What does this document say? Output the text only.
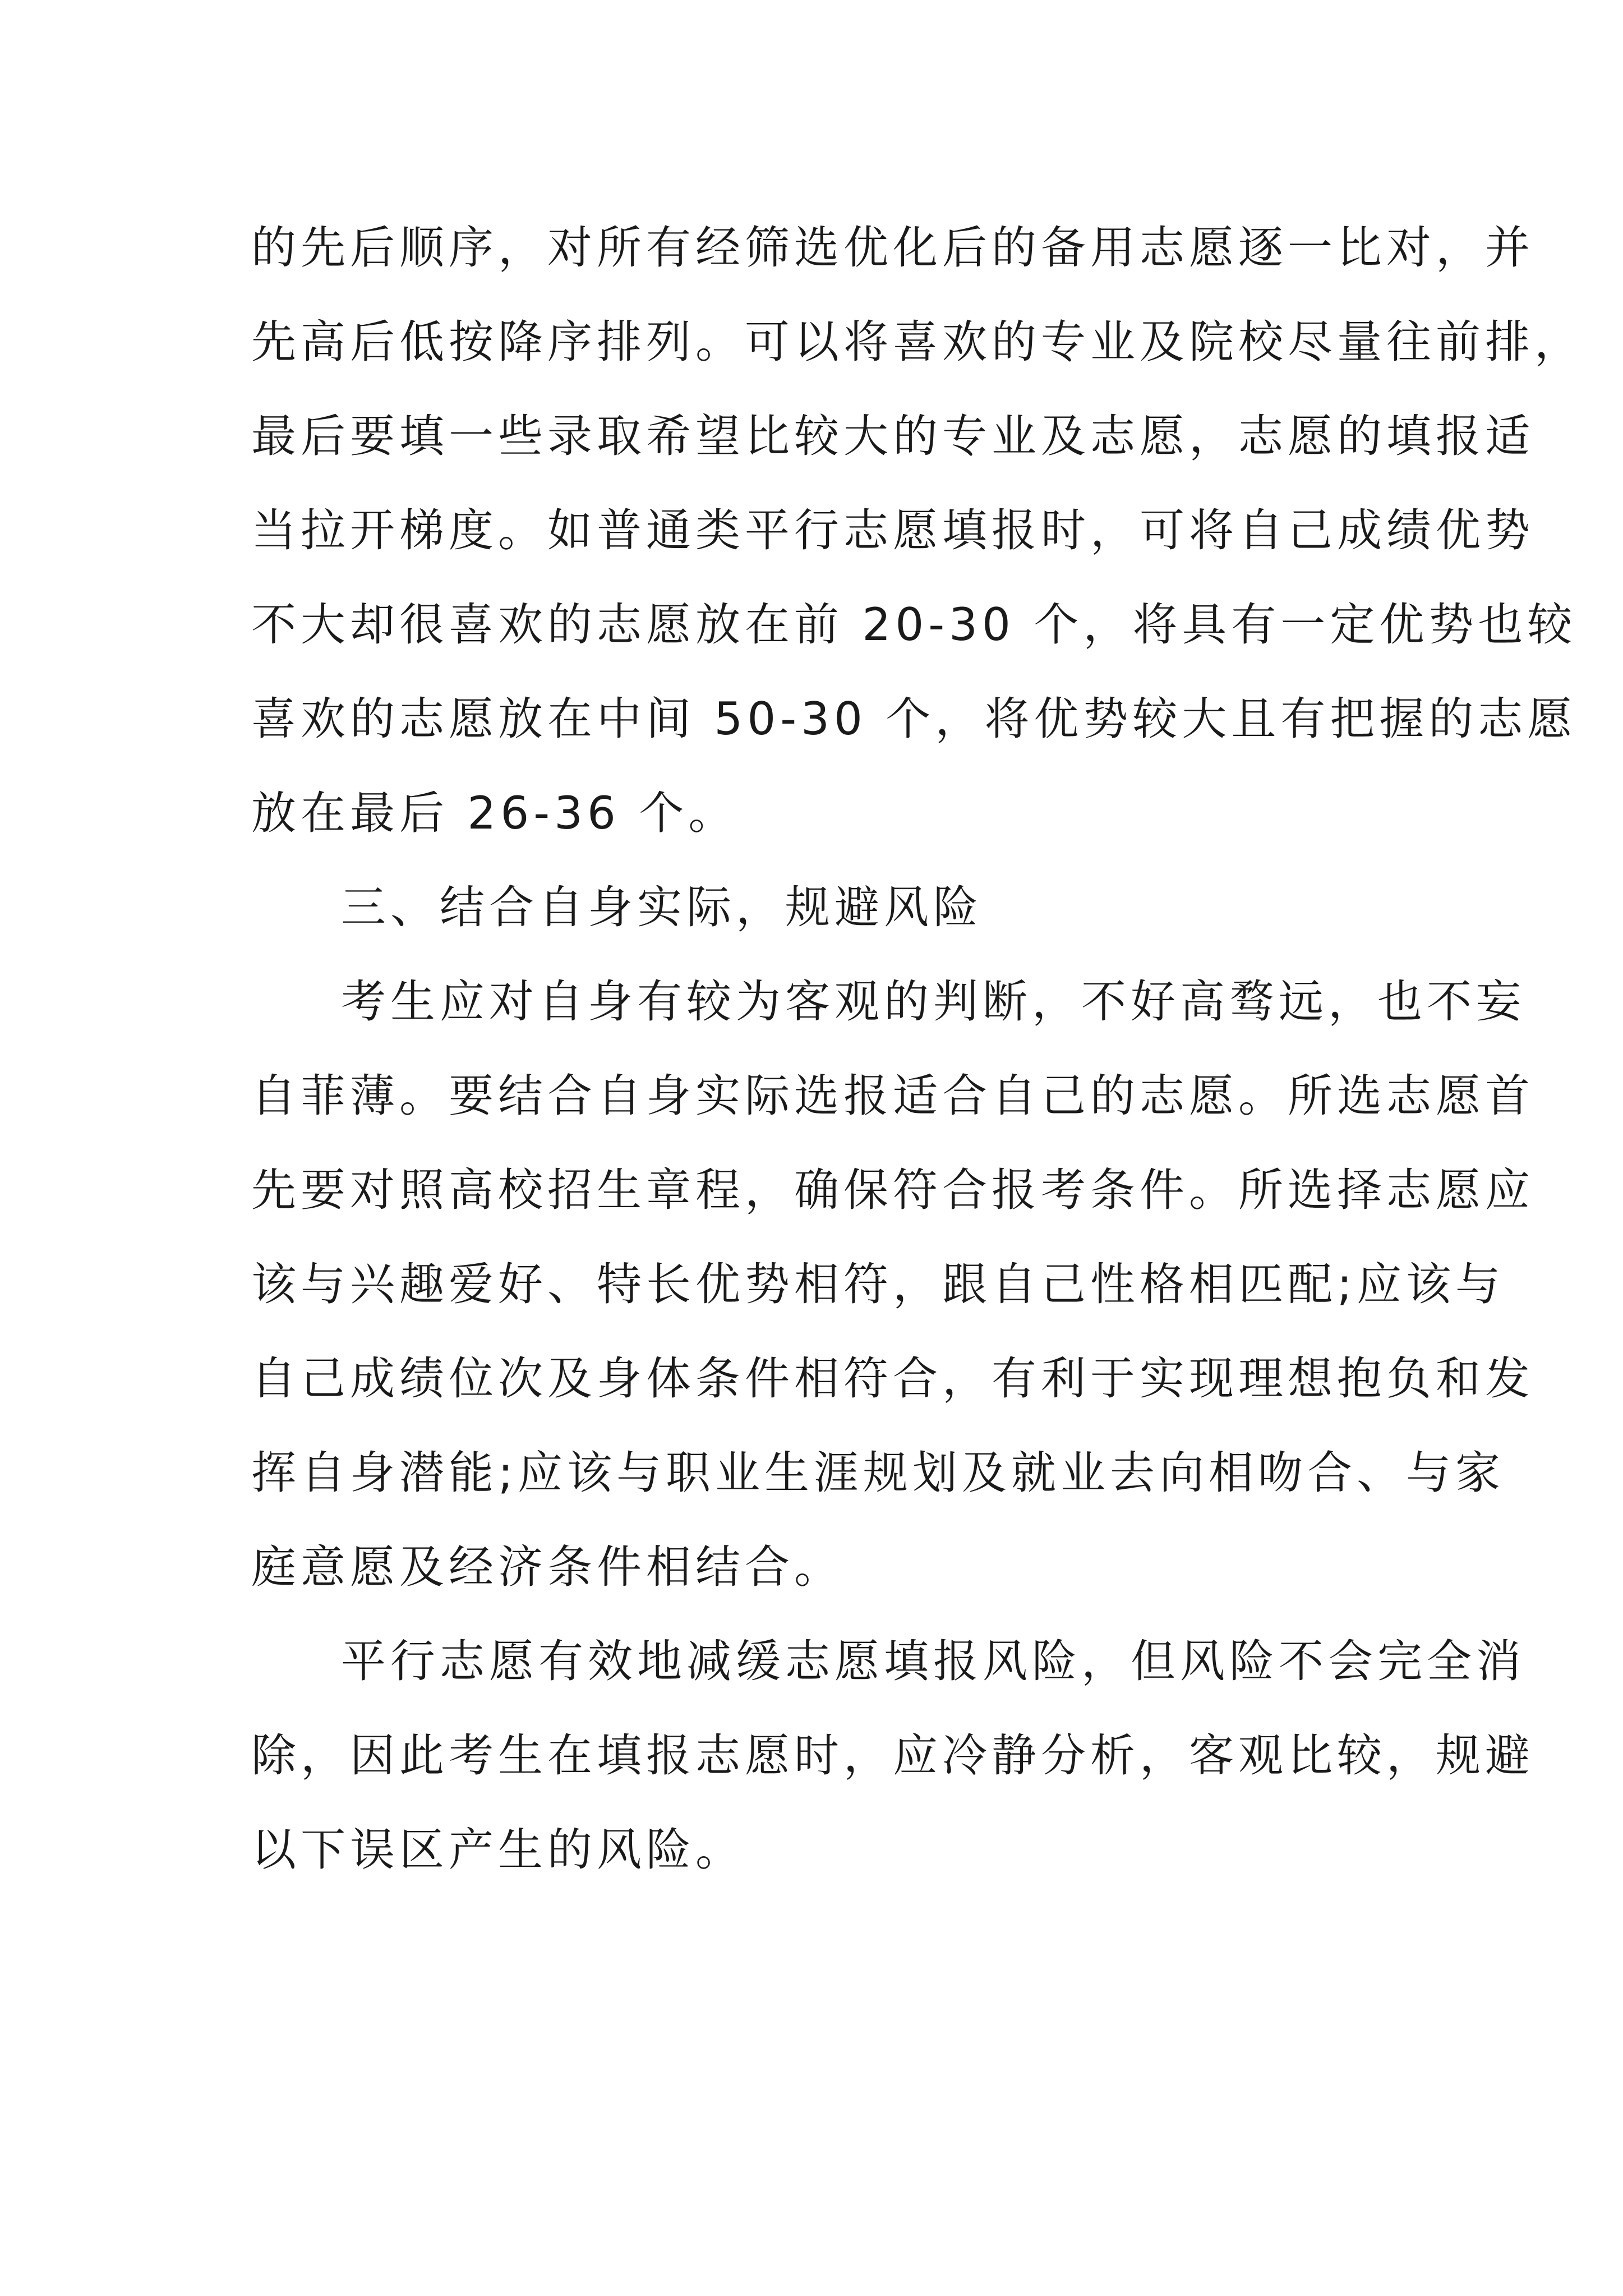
的先后顺序，对所有经筛选优化后的备用志愿逐一比对，并
先高后低按降序排列。可以将喜欢的专业及院校尽量往前排，
最后要填一些录取希望比较大的专业及志愿，志愿的填报适
当拉开梯度。如普通类平行志愿填报时，可将自己成绩优势
不大却很喜欢的志愿放在前 20-30 个，将具有一定优势也较
喜欢的志愿放在中间 50-30 个，将优势较大且有把握的志愿
放在最后 26-36 个。
三、结合自身实际，规避风险
考生应对自身有较为客观的判断，不好高骛远，也不妄
自菲薄。要结合自身实际选报适合自己的志愿。所选志愿首
先要对照高校招生章程，确保符合报考条件。所选择志愿应
该与兴趣爱好、特长优势相符，跟自己性格相匹配;应该与
自己成绩位次及身体条件相符合，有利于实现理想抱负和发
挥自身潜能;应该与职业生涯规划及就业去向相吻合、与家
庭意愿及经济条件相结合。
平行志愿有效地减缓志愿填报风险，但风险不会完全消
除，因此考生在填报志愿时，应冷静分析，客观比较，规避
以下误区产生的风险。
